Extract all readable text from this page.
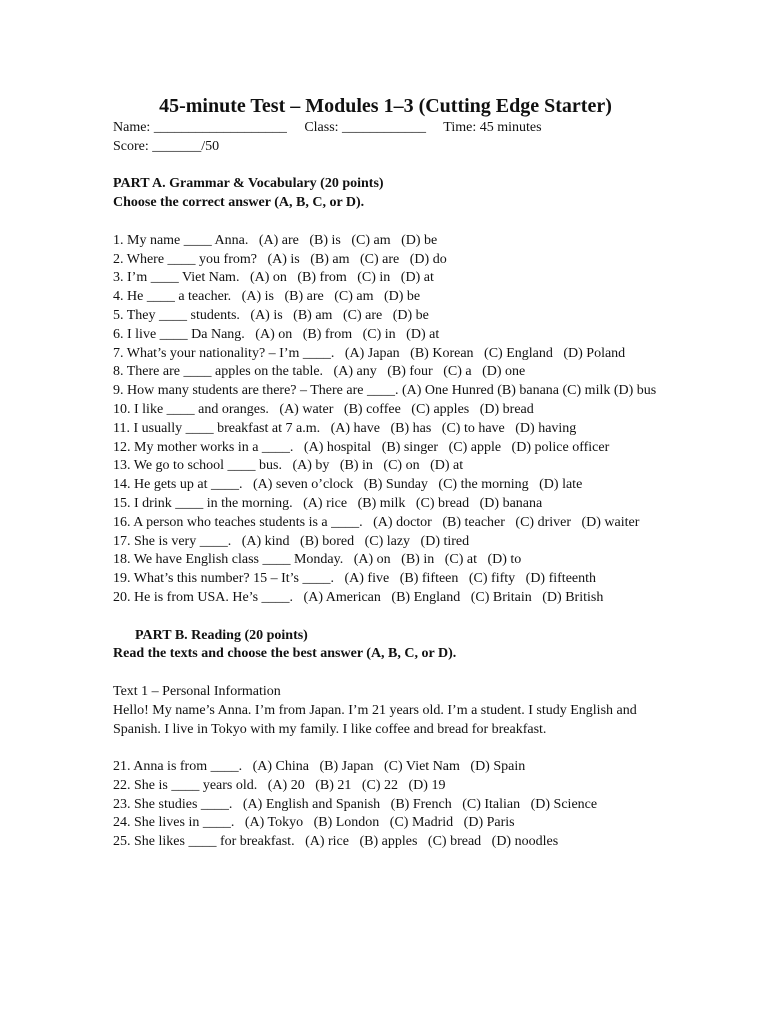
45-minute Test – Modules 1–3 (Cutting Edge Starter)
Name: ___________________     Class: ____________     Time: 45 minutes
Score: _______/50
PART A. Grammar & Vocabulary (20 points)
Choose the correct answer (A, B, C, or D).
1. My name ____ Anna.   (A) are   (B) is   (C) am   (D) be
2. Where ____ you from?   (A) is   (B) am   (C) are   (D) do
3. I’m ____ Viet Nam.   (A) on   (B) from   (C) in   (D) at
4. He ____ a teacher.   (A) is   (B) are   (C) am   (D) be
5. They ____ students.   (A) is   (B) am   (C) are   (D) be
6. I live ____ Da Nang.   (A) on   (B) from   (C) in   (D) at
7. What’s your nationality? – I’m ____.   (A) Japan   (B) Korean   (C) England   (D) Poland
8. There are ____ apples on the table.   (A) any   (B) four   (C) a   (D) one
9. How many students are there? – There are ____. (A) One Hunred (B) banana (C) milk (D) bus
10. I like ____ and oranges.   (A) water   (B) coffee   (C) apples   (D) bread
11. I usually ____ breakfast at 7 a.m.   (A) have   (B) has   (C) to have   (D) having
12. My mother works in a ____.   (A) hospital   (B) singer   (C) apple   (D) police officer
13. We go to school ____ bus.   (A) by   (B) in   (C) on   (D) at
14. He gets up at ____.   (A) seven o’clock   (B) Sunday   (C) the morning   (D) late
15. I drink ____ in the morning.   (A) rice   (B) milk   (C) bread   (D) banana
16. A person who teaches students is a ____.   (A) doctor   (B) teacher   (C) driver   (D) waiter
17. She is very ____.   (A) kind   (B) bored   (C) lazy   (D) tired
18. We have English class ____ Monday.   (A) on   (B) in   (C) at   (D) to
19. What’s this number? 15 – It’s ____.   (A) five   (B) fifteen   (C) fifty   (D) fifteenth
20. He is from USA. He’s ____.   (A) American   (B) England   (C) Britain   (D) British
PART B. Reading (20 points)
Read the texts and choose the best answer (A, B, C, or D).
Text 1 – Personal Information
Hello! My name’s Anna. I’m from Japan. I’m 21 years old. I’m a student. I study English and Spanish. I live in Tokyo with my family. I like coffee and bread for breakfast.
21. Anna is from ____.   (A) China   (B) Japan   (C) Viet Nam   (D) Spain
22. She is ____ years old.   (A) 20   (B) 21   (C) 22   (D) 19
23. She studies ____.   (A) English and Spanish   (B) French   (C) Italian   (D) Science
24. She lives in ____.   (A) Tokyo   (B) London   (C) Madrid   (D) Paris
25. She likes ____ for breakfast.   (A) rice   (B) apples   (C) bread   (D) noodles
